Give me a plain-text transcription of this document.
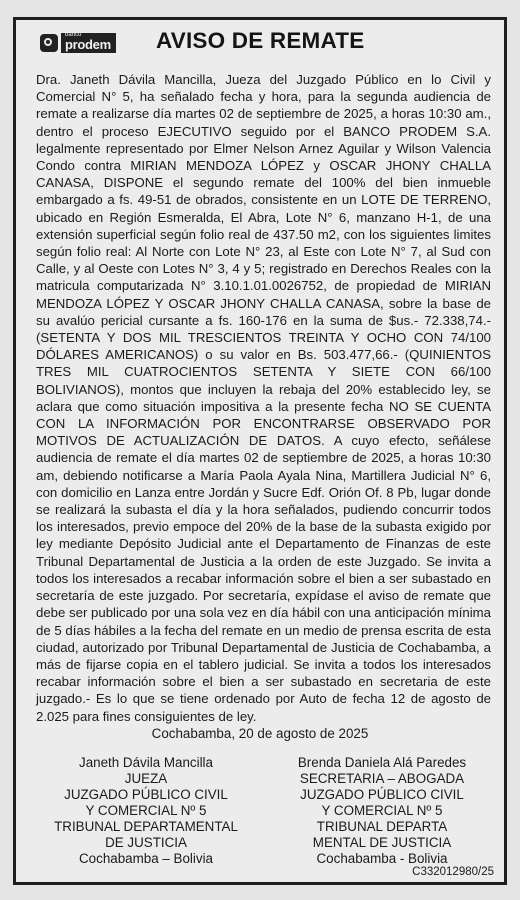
banco
prodem AVISO DE REMATE

Dra. Janeth Dávila Mancilla, Jueza del Juzgado Público en lo Civil y Comercial N° 5, ha señalado fecha y hora, para la segunda audiencia de remate a realizarse día martes 02 de septiembre de 2025, a horas 10:30 am., dentro el proceso EJECUTIVO seguido por el BANCO PRODEM S.A. legalmente representado por Elmer Nelson Arnez Aguilar y Wilson Valencia Condo contra MIRIAN MENDOZA LÓPEZ y OSCAR JHONY CHALLA CANASA, DISPONE el segundo remate del 100% del bien inmueble embargado a fs. 49-51 de obrados, consistente en un LOTE DE TERRENO, ubicado en Región Esmeralda, El Abra, Lote N° 6, manzano H-1, de una extensión superficial según folio real de 437.50 m2, con los siguientes limites según folio real: Al Norte con Lote N° 23, al Este con Lote N° 7, al Sud con Calle, y al Oeste con Lotes N° 3, 4 y 5; registrado en Derechos Reales con la matricula computarizada N° 3.10.1.01.0026752, de propiedad de MIRIAN MENDOZA LÓPEZ Y OSCAR JHONY CHALLA CANASA, sobre la base de su avalúo pericial cursante a fs. 160-176 en la suma de $us.- 72.338,74.- (SETENTA Y DOS MIL TRESCIENTOS TREINTA Y OCHO CON 74/100 DÓLARES AMERICANOS) o su valor en Bs. 503.477,66.- (QUINIENTOS TRES MIL CUATROCIENTOS SETENTA Y SIETE CON 66/100 BOLIVIANOS), montos que incluyen la rebaja del 20% establecido ley, se aclara que como situación impositiva a la presente fecha NO SE CUENTA CON LA INFORMACIÓN POR ENCONTRARSE OBSERVADO POR MOTIVOS DE ACTUALIZACIÓN DE DATOS. A cuyo efecto, señálese audiencia de remate el día martes 02 de septiembre de 2025, a horas 10:30 am, debiendo notificarse a María Paola Ayala Nina, Martillera Judicial N° 6, con domicilio en Lanza entre Jordán y Sucre Edf. Orión Of. 8 Pb, lugar donde se realizará la subasta el día y la hora señalados, pudiendo concurrir todos los interesados, previo empoce del 20% de la base de la subasta exigido por ley mediante Depósito Judicial ante el Departamento de Finanzas de este Tribunal Departamental de Justicia a la orden de este Juzgado. Se invita a todos los interesados a recabar información sobre el bien a ser subastado en secretaría de este juzgado. Por secretaría, expídase el aviso de remate que debe ser publicado por una sola vez en día hábil con una anticipación mínima de 5 días hábiles a la fecha del remate en un medio de prensa escrita de esta ciudad, autorizado por Tribunal Departamental de Justicia de Cochabamba, a más de fijarse copia en el tablero judicial. Se invita a todos los interesados recabar información sobre el bien a ser subastado en secretaria de este juzgado.- Es lo que se tiene ordenado por Auto de fecha 12 de agosto de 2.025 para fines consiguientes de ley.

Cochabamba, 20 de agosto de 2025
Janeth Dávila Mancilla
JUEZA
JUZGADO PÚBLICO CIVIL
Y COMERCIAL Nº 5
TRIBUNAL DEPARTAMENTAL
DE JUSTICIA
Cochabamba – Bolivia
Brenda Daniela Alá Paredes
SECRETARIA – ABOGADA
JUZGADO PÚBLICO CIVIL
Y COMERCIAL Nº 5
TRIBUNAL DEPARTA
MENTAL DE JUSTICIA
Cochabamba - Bolivia
C332012980/25
